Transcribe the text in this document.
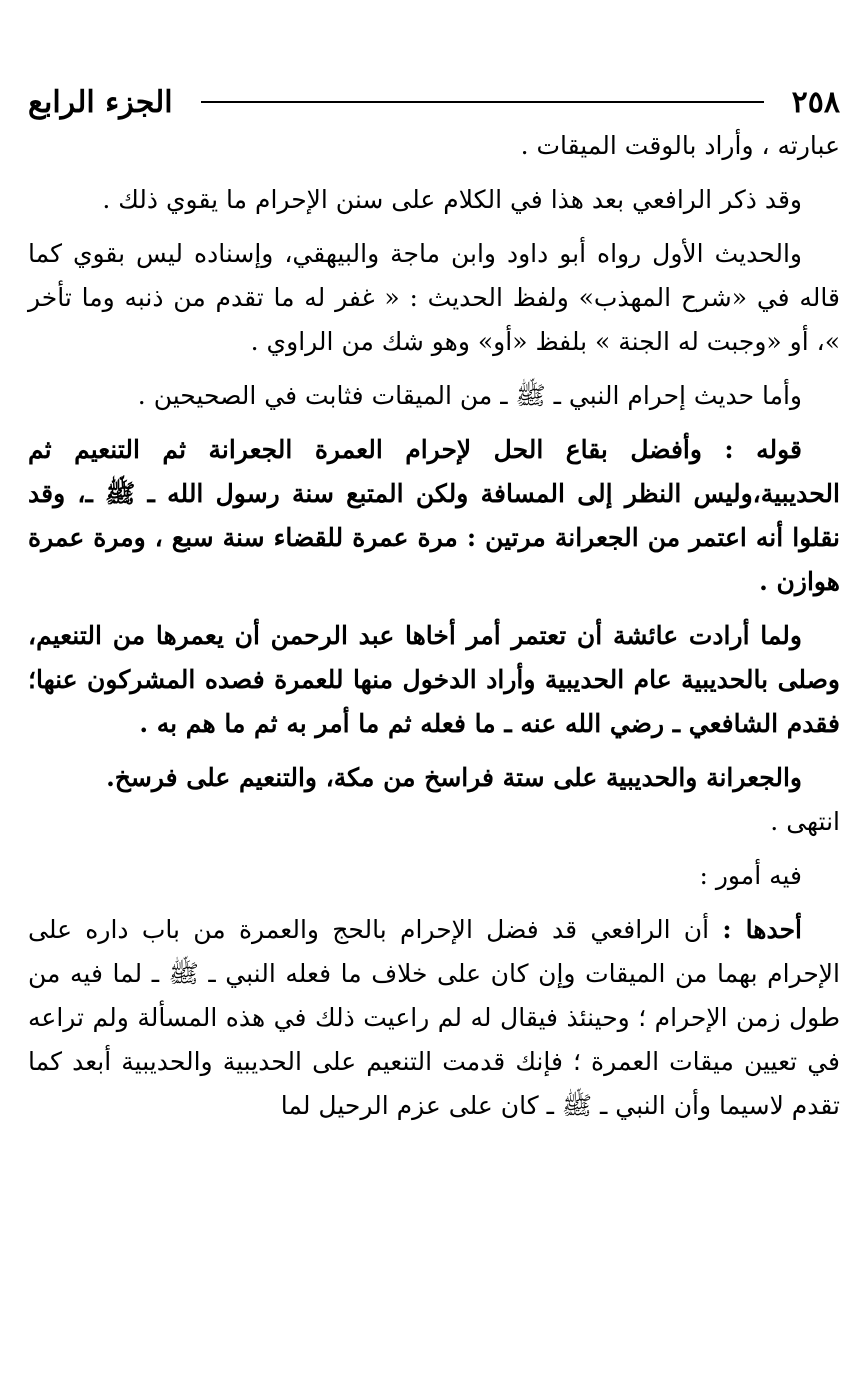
٢٥٨
الجزء الرابع

عبارته ، وأراد بالوقت الميقات .

وقد ذكر الرافعي بعد هذا في الكلام على سنن الإحرام ما يقوي ذلك .

والحديث الأول رواه أبو داود وابن ماجة والبيهقي، وإسناده ليس بقوي كما قاله في «شرح المهذب» ولفظ الحديث : « غفر له ما تقدم من ذنبه وما تأخر »، أو «وجبت له الجنة » بلفظ «أو» وهو شك من الراوي .

وأما حديث إحرام النبي ـ ﷺ ـ من الميقات فثابت في الصحيحين .

قوله : وأفضل بقاع الحل لإحرام العمرة الجعرانة ثم التنعيم ثم الحديبية،وليس النظر إلى المسافة ولكن المتبع سنة رسول الله ـ ﷺ ـ، وقد نقلوا أنه اعتمر من الجعرانة مرتين : مرة عمرة للقضاء سنة سبع ، ومرة عمرة هوازن .

ولما أرادت عائشة أن تعتمر أمر أخاها عبد الرحمن أن يعمرها من التنعيم، وصلى بالحديبية عام الحديبية وأراد الدخول منها للعمرة فصده المشركون عنها؛ فقدم الشافعي ـ رضي الله عنه ـ ما فعله ثم ما أمر به ثم ما هم به .

والجعرانة والحديبية على ستة فراسخ من مكة، والتنعيم على فرسخ.

انتهى .

فيه أمور :

أحدها : أن الرافعي قد فضل الإحرام بالحج والعمرة من باب داره على الإحرام بهما من الميقات وإن كان على خلاف ما فعله النبي ـ ﷺ ـ لما فيه من طول زمن الإحرام ؛ وحينئذ فيقال له لم راعيت ذلك في هذه المسألة ولم تراعه في تعيين ميقات العمرة ؛ فإنك قدمت التنعيم على الحديبية والحديبية أبعد كما تقدم لاسيما وأن النبي ـ ﷺ ـ كان على عزم الرحيل لما
